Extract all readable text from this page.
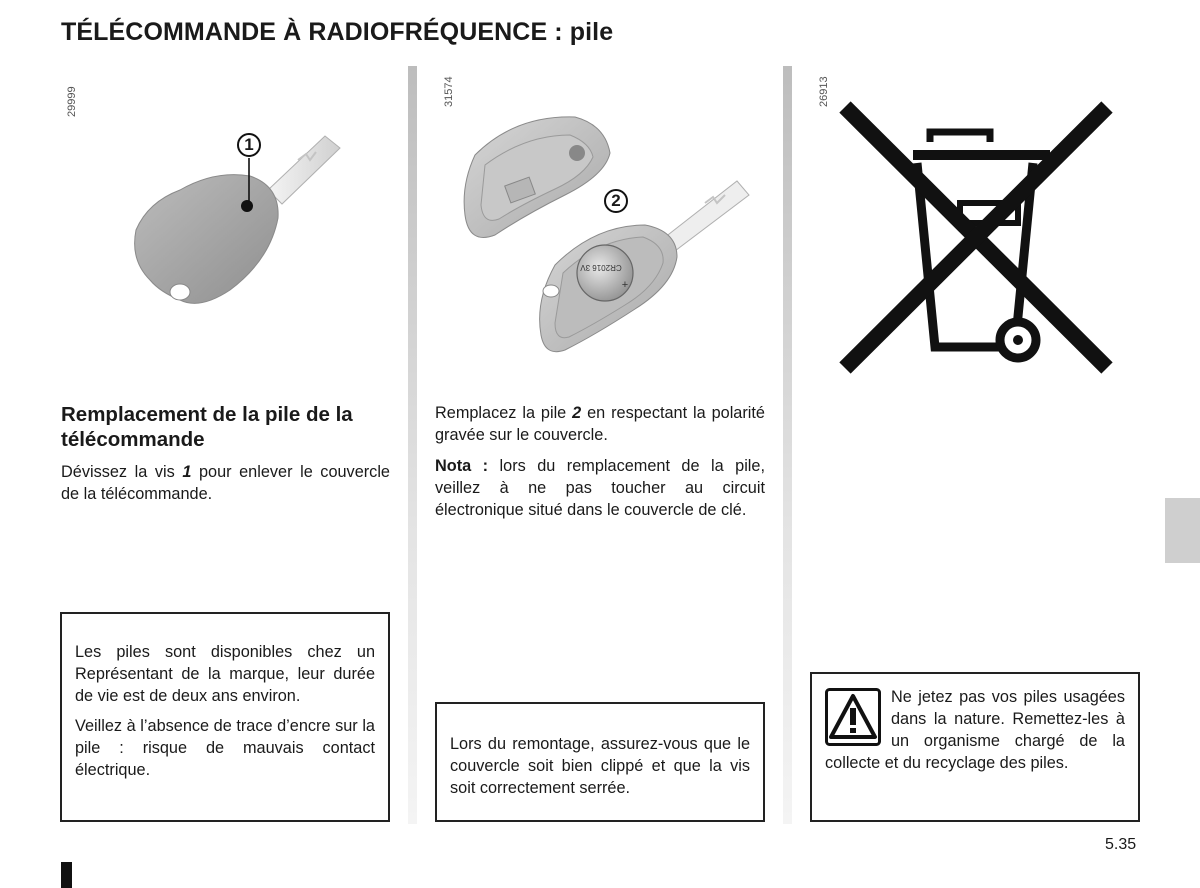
TÉLÉCOMMANDE À RADIOFRÉQUENCE : pile
29999
1
Remplacement de la pile de la télécommande

Dévissez la vis 1 pour enlever le couvercle de la télécommande.

Les piles sont disponibles chez un Représentant de la marque, leur durée de vie est de deux ans environ.

Veillez à l’absence de trace d’encre sur la pile : risque de mauvais contact électrique.

31574
CR2016 3V
+
2

Remplacez la pile 2 en respectant la polarité gravée sur le couvercle.

Nota : lors du remplacement de la pile, veillez à ne pas toucher au circuit électronique situé dans le couvercle de clé.

Lors du remontage, assurez-vous que le couvercle soit bien clippé et que la vis soit correctement serrée.

26913

Ne jetez pas vos piles usagées dans la nature. Remettez-les à un organisme chargé de la collecte et du recyclage des piles.

5.35
